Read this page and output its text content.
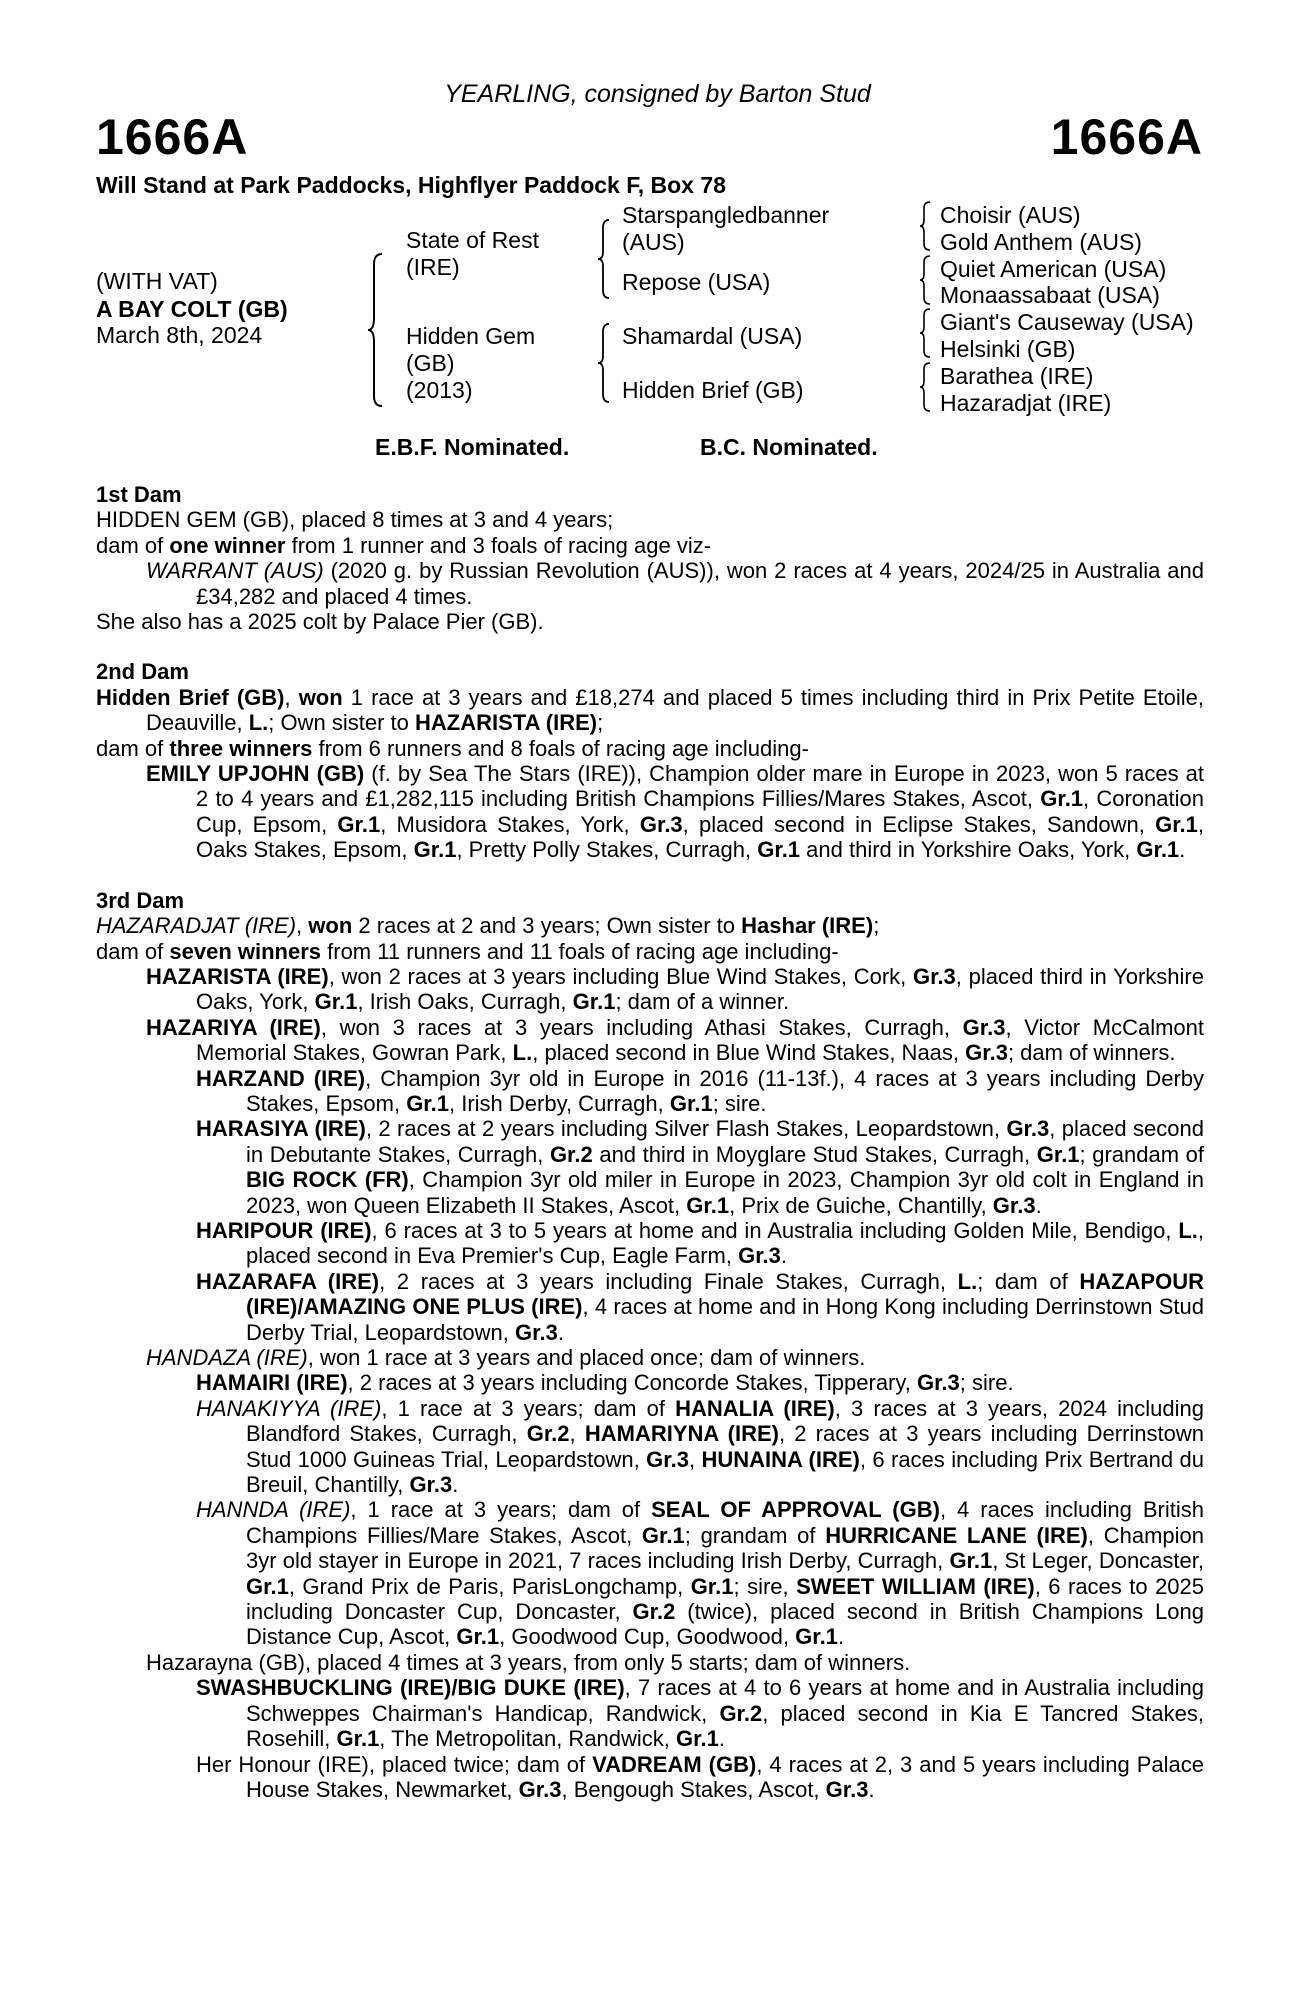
YEARLING, consigned by Barton Stud
1666A	1666A
Will Stand at Park Paddocks, Highflyer Paddock F, Box 78
(WITH VAT)
A BAY COLT (GB)
March 8th, 2024
State of Rest
(IRE)
Hidden Gem
(GB)
(2013)
Starspangledbanner
(AUS)
Repose (USA)
Shamardal (USA)
Hidden Brief (GB)
Choisir (AUS)
Gold Anthem (AUS)
Quiet American (USA)
Monaassabaat (USA)
Giant's Causeway (USA)
Helsinki (GB)
Barathea (IRE)
Hazaradjat (IRE)
E.B.F. Nominated.	B.C. Nominated.

1st Dam

HIDDEN GEM (GB), placed 8 times at 3 and 4 years;

dam of one winner from 1 runner and 3 foals of racing age viz-

WARRANT (AUS) (2020 g. by Russian Revolution (AUS)), won 2 races at 4 years, 2024/25 in Australia and £34,282 and placed 4 times.

She also has a 2025 colt by Palace Pier (GB).

2nd Dam

Hidden Brief (GB), won 1 race at 3 years and £18,274 and placed 5 times including third in Prix Petite Etoile, Deauville, L.; Own sister to HAZARISTA (IRE);

dam of three winners from 6 runners and 8 foals of racing age including-

EMILY UPJOHN (GB) (f. by Sea The Stars (IRE)), Champion older mare in Europe in 2023, won 5 races at 2 to 4 years and £1,282,115 including British Champions Fillies/Mares Stakes, Ascot, Gr.1, Coronation Cup, Epsom, Gr.1, Musidora Stakes, York, Gr.3, placed second in Eclipse Stakes, Sandown, Gr.1, Oaks Stakes, Epsom, Gr.1, Pretty Polly Stakes, Curragh, Gr.1 and third in Yorkshire Oaks, York, Gr.1.

3rd Dam

HAZARADJAT (IRE), won 2 races at 2 and 3 years; Own sister to Hashar (IRE);

dam of seven winners from 11 runners and 11 foals of racing age including-

HAZARISTA (IRE), won 2 races at 3 years including Blue Wind Stakes, Cork, Gr.3, placed third in Yorkshire Oaks, York, Gr.1, Irish Oaks, Curragh, Gr.1; dam of a winner.

HAZARIYA (IRE), won 3 races at 3 years including Athasi Stakes, Curragh, Gr.3, Victor McCalmont Memorial Stakes, Gowran Park, L., placed second in Blue Wind Stakes, Naas, Gr.3; dam of winners.

HARZAND (IRE), Champion 3yr old in Europe in 2016 (11-13f.), 4 races at 3 years including Derby Stakes, Epsom, Gr.1, Irish Derby, Curragh, Gr.1; sire.

HARASIYA (IRE), 2 races at 2 years including Silver Flash Stakes, Leopardstown, Gr.3, placed second in Debutante Stakes, Curragh, Gr.2 and third in Moyglare Stud Stakes, Curragh, Gr.1; grandam of BIG ROCK (FR), Champion 3yr old miler in Europe in 2023, Champion 3yr old colt in England in 2023, won Queen Elizabeth II Stakes, Ascot, Gr.1, Prix de Guiche, Chantilly, Gr.3.

HARIPOUR (IRE), 6 races at 3 to 5 years at home and in Australia including Golden Mile, Bendigo, L., placed second in Eva Premier's Cup, Eagle Farm, Gr.3.

HAZARAFA (IRE), 2 races at 3 years including Finale Stakes, Curragh, L.; dam of HAZAPOUR (IRE)/AMAZING ONE PLUS (IRE), 4 races at home and in Hong Kong including Derrinstown Stud Derby Trial, Leopardstown, Gr.3.

HANDAZA (IRE), won 1 race at 3 years and placed once; dam of winners.

HAMAIRI (IRE), 2 races at 3 years including Concorde Stakes, Tipperary, Gr.3; sire.

HANAKIYYA (IRE), 1 race at 3 years; dam of HANALIA (IRE), 3 races at 3 years, 2024 including Blandford Stakes, Curragh, Gr.2, HAMARIYNA (IRE), 2 races at 3 years including Derrinstown Stud 1000 Guineas Trial, Leopardstown, Gr.3, HUNAINA (IRE), 6 races including Prix Bertrand du Breuil, Chantilly, Gr.3.

HANNDA (IRE), 1 race at 3 years; dam of SEAL OF APPROVAL (GB), 4 races including British Champions Fillies/Mare Stakes, Ascot, Gr.1; grandam of HURRICANE LANE (IRE), Champion 3yr old stayer in Europe in 2021, 7 races including Irish Derby, Curragh, Gr.1, St Leger, Doncaster, Gr.1, Grand Prix de Paris, ParisLongchamp, Gr.1; sire, SWEET WILLIAM (IRE), 6 races to 2025 including Doncaster Cup, Doncaster, Gr.2 (twice), placed second in British Champions Long Distance Cup, Ascot, Gr.1, Goodwood Cup, Goodwood, Gr.1.

Hazarayna (GB), placed 4 times at 3 years, from only 5 starts; dam of winners.

SWASHBUCKLING (IRE)/BIG DUKE (IRE), 7 races at 4 to 6 years at home and in Australia including Schweppes Chairman's Handicap, Randwick, Gr.2, placed second in Kia E Tancred Stakes, Rosehill, Gr.1, The Metropolitan, Randwick, Gr.1.

Her Honour (IRE), placed twice; dam of VADREAM (GB), 4 races at 2, 3 and 5 years including Palace House Stakes, Newmarket, Gr.3, Bengough Stakes, Ascot, Gr.3.
